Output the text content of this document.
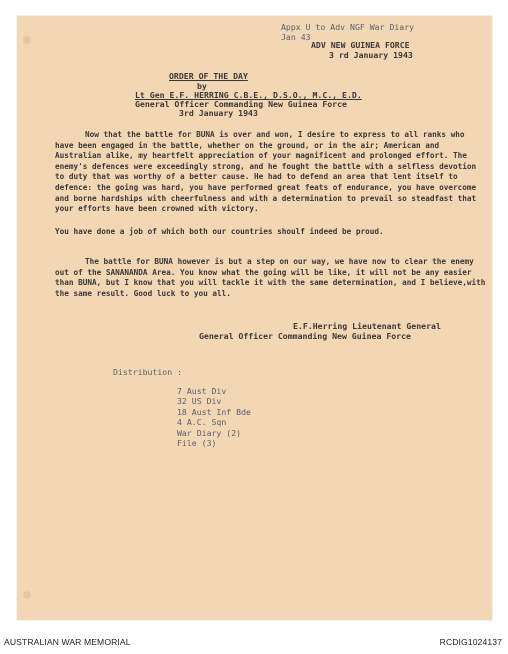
Appx U to Adv NGF War Diary
Jan 43
ADV NEW GUINEA FORCE
3 rd January 1943
ORDER OF THE DAY
by
Lt Gen E.F. HERRING C.B.E., D.S.O., M.C., E.D.
General Officer Commanding New Guinea Force
3rd January 1943
Now that the battle for BUNA is over and won, I desire to express to all ranks who have been engaged in the battle, whether on the ground, or in the air; American and Australian alike, my heartfelt appreciation of your magnificent and prolonged effort. The enemy's defences were exceedingly strong, and he fought the battle with a selfless devotion to duty that was worthy of a better cause. He had to defend an area that lent itself to defence: the going was hard, you have performed great feats of endurance, you have overcome and borne hardships with cheerfulness and with a determination to prevail so steadfast that your efforts have been crowned with victory.
You have done a job of which both our countries shoulf indeed be proud.
The battle for BUNA however is but a step on our way, we have now to clear the enemy out of the SANANANDA Area. You know what the going will be like, it will not be any easier than BUNA, but I know that you will tackle it with the same determination, and I believe,with the same result. Good luck to you all.
E.F.Herring Lieutenant General
General Officer Commanding New Guinea Force
Distribution :
7 Aust Div
32 US Div
18 Aust Inf Bde
4 A.C. Sqn
War Diary (2)
File (3)
AUSTRALIAN WAR MEMORIAL	RCDIG1024137
